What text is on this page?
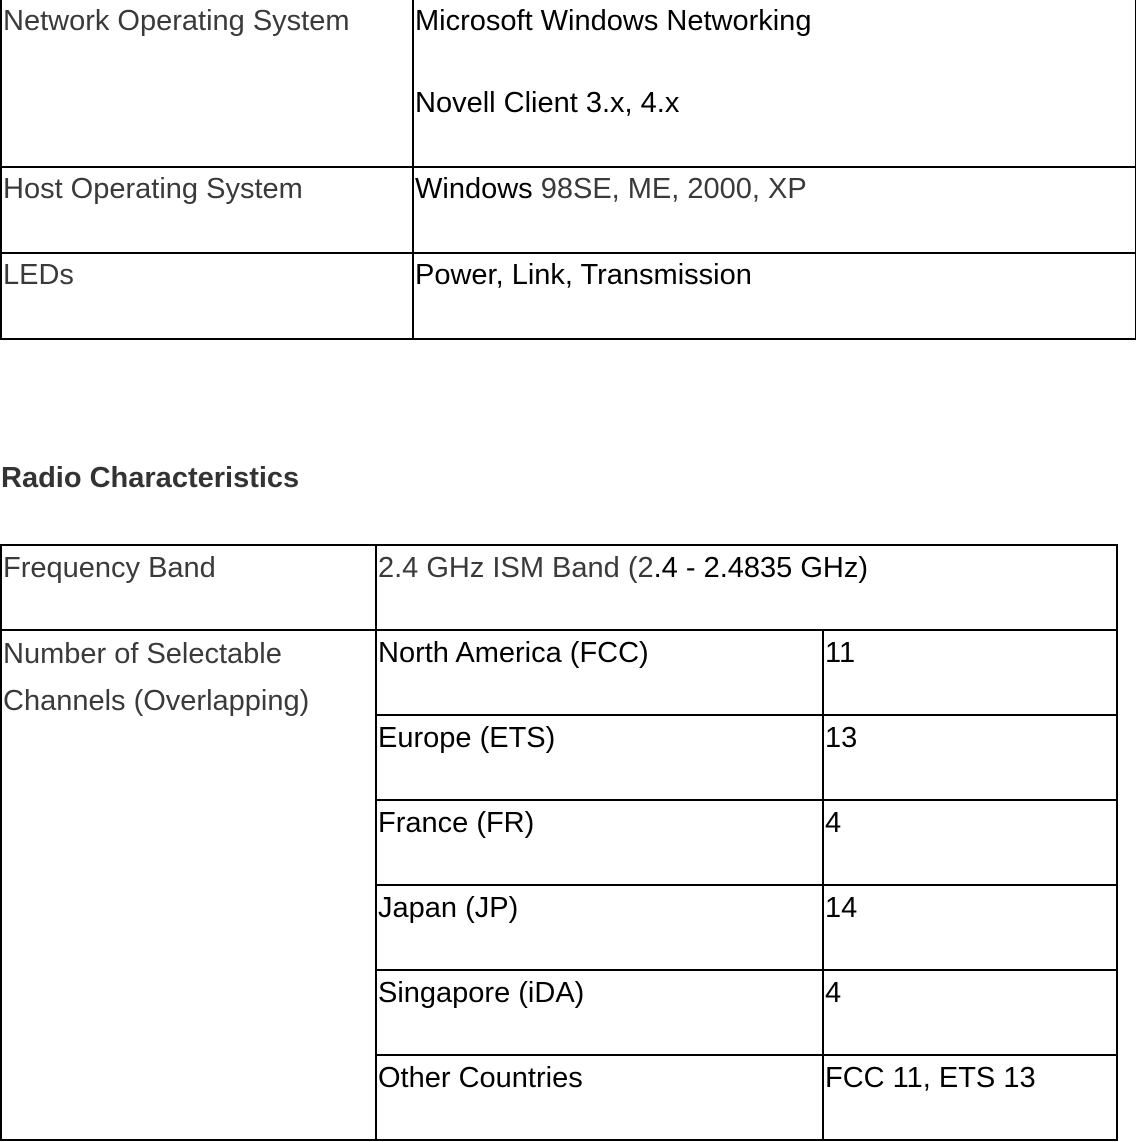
Network Operating System	Microsoft Windows Networking
Novell Client 3.x, 4.x

Host Operating System	Windows 98SE, ME, 2000, XP
LEDs	Power, Link, Transmission
Radio Characteristics
Frequency Band	2.4 GHz ISM Band (2.4 - 2.4835 GHz)	
Number of Selectable Channels (Overlapping)	North America (FCC)	11
	Europe (ETS)	13
	France (FR)	4
	Japan (JP)	14
	Singapore (iDA)	4
	Other Countries	FCC 11, ETS 13
